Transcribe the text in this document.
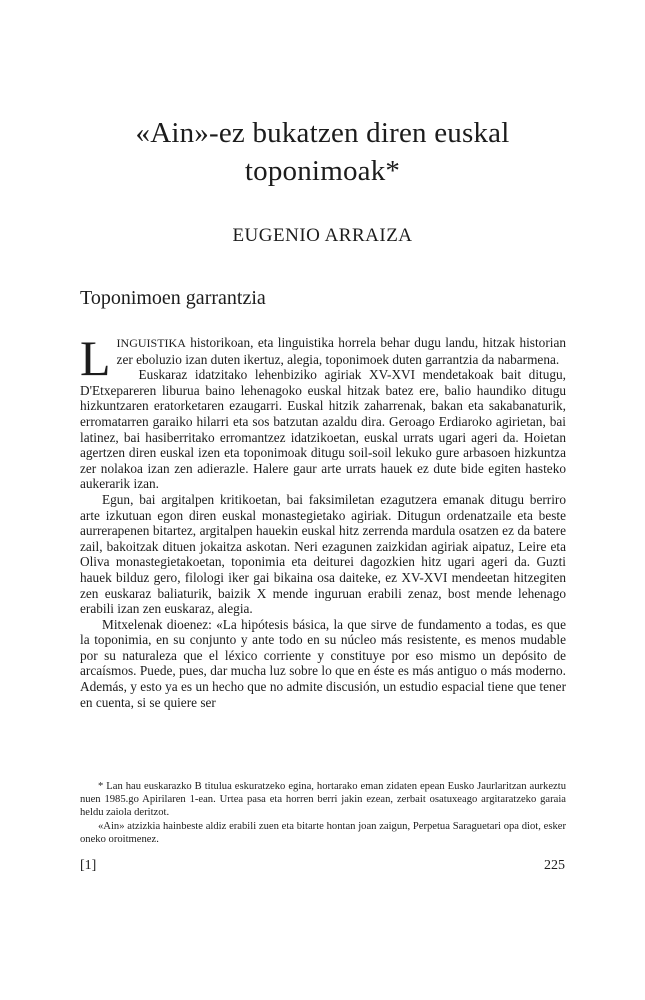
«Ain»-ez bukatzen diren euskal
toponimoak*
EUGENIO ARRAIZA
Toponimoen garrantzia

LINGUISTIKA historikoan, eta linguistika horrela behar dugu landu, hitzak historian zer eboluzio izan duten ikertuz, alegia, toponimoek duten garrantzia da nabarmena.

Euskaraz idatzitako lehenbiziko agiriak XV-XVI mendetakoak bait ditugu, D'Etxepareren liburua baino lehenagoko euskal hitzak batez ere, balio haundiko ditugu hizkuntzaren eratorketaren ezaugarri. Euskal hitzik zaharrenak, bakan eta sakabanaturik, erromatarren garaiko hilarri eta sos batzutan azaldu dira. Geroago Erdiaroko agirietan, bai latinez, bai hasiberritako erromantzez idatzikoetan, euskal urrats ugari ageri da. Hoietan agertzen diren euskal izen eta toponimoak ditugu soil-soil lekuko gure arbasoen hizkuntza zer nolakoa izan zen adierazle. Halere gaur arte urrats hauek ez dute bide egiten hasteko aukerarik izan.

Egun, bai argitalpen kritikoetan, bai faksimiletan ezagutzera emanak ditugu berriro arte izkutuan egon diren euskal monastegietako agiriak. Ditugun ordenatzaile eta beste aurrerapenen bitartez, argitalpen hauekin euskal hitz zerrenda mardula osatzen ez da batere zail, bakoitzak dituen jokaitza askotan. Neri ezagunen zaizkidan agiriak aipatuz, Leire eta Oliva monastegietakoetan, toponimia eta deiturei dagozkien hitz ugari ageri da. Guzti hauek bilduz gero, filologi iker gai bikaina osa daiteke, ez XV-XVI mendeetan hitzegiten zen euskaraz baliaturik, baizik X mende inguruan erabili zenaz, bost mende lehenago erabili izan zen euskaraz, alegia.

Mitxelenak dioenez: «La hipótesis básica, la que sirve de fundamento a todas, es que la toponimia, en su conjunto y ante todo en su núcleo más resistente, es menos mudable por su naturaleza que el léxico corriente y constituye por eso mismo un depósito de arcaísmos. Puede, pues, dar mucha luz sobre lo que en éste es más antiguo o más moderno. Además, y esto ya es un hecho que no admite discusión, un estudio espacial tiene que tener en cuenta, si se quiere ser

* Lan hau euskarazko B titulua eskuratzeko egina, hortarako eman zidaten epean Eusko Jaurlaritzan aurkeztu nuen 1985.go Apirilaren 1-ean. Urtea pasa eta horren berri jakin ezean, zerbait osatuxeago argitaratzeko garaia heldu zaiola deritzot.

«Ain» atzizkia hainbeste aldiz erabili zuen eta bitarte hontan joan zaigun, Perpetua Saraguetari opa diot, esker oneko oroitmenez.

[1]	225
